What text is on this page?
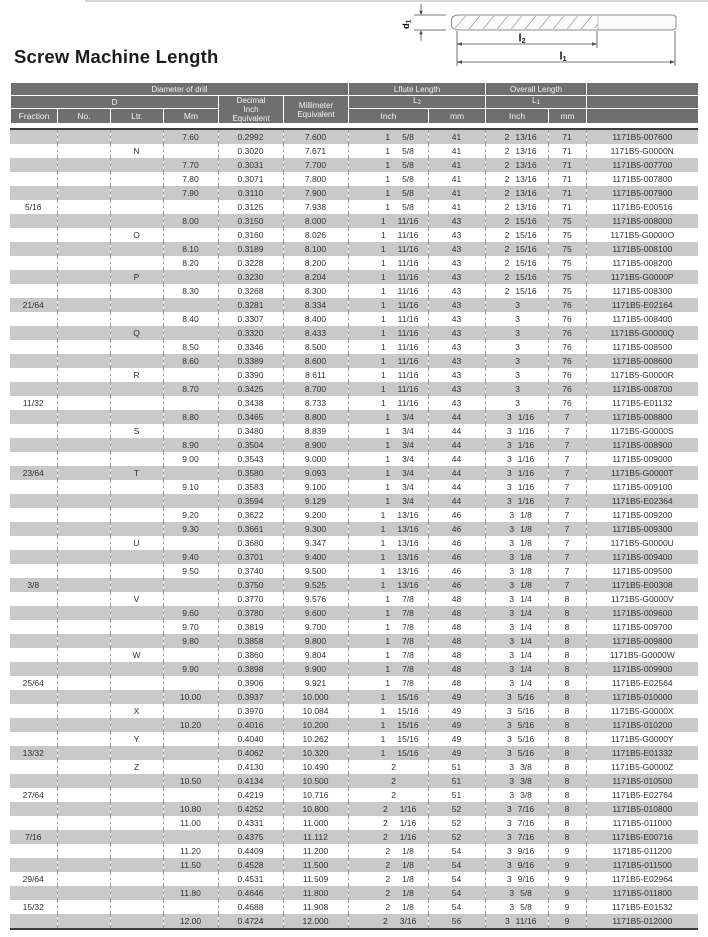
Screw Machine Length
d1
l2
l1
Diameter of drill						Lflute Length		Overall Length		
D				Decimal
Inch
Equivalent	Millimeter
Equivalent	$L_2$		$L_1$	
Fraction	No.	Ltr.	Mm			Inch	mm	Inch	mm	
			7.60	0.2992	7.600	1 5/8	41	2 13/16	71	1171B5-007600
		N		0.3020	7.671	1 5/8	41	2 13/16	71	1171B5-G0000N
			7.70	0.3031	7.700	1 5/8	41	2 13/16	71	1171B5-007700
			7.80	0.3071	7.800	1 5/8	41	2 13/16	71	1171B5-007800
			7.90	0.3110	7.900	1 5/8	41	2 13/16	71	1171B5-007900
5/16				0.3125	7.938	1 5/8	41	2 13/16	71	1171B5-E00516
			8.00	0.3150	8.000	1 11/16	43	2 15/16	75	1171B5-008000
		O		0.3160	8.026	1 11/16	43	2 15/16	75	1171B5-G0000O
			8.10	0.3189	8.100	1 11/16	43	2 15/16	75	1171B5-008100
			8.20	0.3228	8.200	1 11/16	43	2 15/16	75	1171B5-008200
		P		0.3230	8.204	1 11/16	43	2 15/16	75	1171B5-G0000P
			8.30	0.3268	8.300	1 11/16	43	2 15/16	75	1171B5-008300
21/64				0.3281	8.334	1 11/16	43	3	76	1171B5-E02164
			8.40	0.3307	8.400	1 11/16	43	3	76	1171B5-008400
		Q		0.3320	8.433	1 11/16	43	3	76	1171B5-G0000Q
			8.50	0.3346	8.500	1 11/16	43	3	76	1171B5-008500
			8.60	0.3389	8.600	1 11/16	43	3	76	1171B5-008600
		R		0.3390	8.611	1 11/16	43	3	76	1171B5-G0000R
			8.70	0.3425	8.700	1 11/16	43	3	76	1171B5-008700
11/32				0.3438	8.733	1 11/16	43	3	76	1171B5-E01132
			8.80	0.3465	8.800	1 3/4	44	3 1/16	7	1171B5-008800
		S		0.3480	8.839	1 3/4	44	3 1/16	7	1171B5-G0000S
			8.90	0.3504	8.900	1 3/4	44	3 1/16	7	1171B5-008900
			9.00	0.3543	9.000	1 3/4	44	3 1/16	7	1171B5-009000
23/64		T		0.3580	9.093	1 3/4	44	3 1/16	7	1171B5-G0000T
			9.10	0.3583	9.100	1 3/4	44	3 1/16	7	1171B5-009100
				0.3594	9.129	1 3/4	44	3 1/16	7	1171B5-E02364
			9.20	0.3622	9.200	1 13/16	46	3 1/8	7	1171B5-009200
			9.30	0.3661	9.300	1 13/16	46	3 1/8	7	1171B5-009300
		U		0.3680	9.347	1 13/16	46	3 1/8	7	1171B5-G0000U
			9.40	0.3701	9.400	1 13/16	46	3 1/8	7	1171B5-009400
			9.50	0.3740	9.500	1 13/16	46	3 1/8	7	1171B5-009500
3/8				0.3750	9.525	1 13/16	46	3 1/8	7	1171B5-E00308
		V		0.3770	9.576	1 7/8	48	3 1/4	8	1171B5-G0000V
			9.60	0.3780	9.600	1 7/8	48	3 1/4	8	1171B5-009600
			9.70	0.3819	9.700	1 7/8	48	3 1/4	8	1171B5-009700
			9.80	0.3858	9.800	1 7/8	48	3 1/4	8	1171B5-009800
		W		0.3860	9.804	1 7/8	48	3 1/4	8	1171B5-G0000W
			9.90	0.3898	9.900	1 7/8	48	3 1/4	8	1171B5-009900
25/64				0.3906	9.921	1 7/8	48	3 1/4	8	1171B5-E02564
			10.00	0.3937	10.000	1 15/16	49	3 5/16	8	1171B5-010000
		X		0.3970	10.084	1 15/16	49	3 5/16	8	1171B5-G0000X
			10.20	0.4016	10.200	1 15/16	49	3 5/16	8	1171B5-010200
		Y		0.4040	10.262	1 15/16	49	3 5/16	8	1171B5-G0000Y
13/32				0.4062	10.320	1 15/16	49	3 5/16	8	1171B5-E01332
		Z		0.4130	10.490	2	51	3 3/8	8	1171B5-G0000Z
			10.50	0.4134	10.500	2	51	3 3/8	8	1171B5-010500
27/64				0.4219	10.716	2	51	3 3/8	8	1171B5-E02764
			10.80	0.4252	10.800	2 1/16	52	3 7/16	8	1171B5-010800
			11.00	0.4331	11.000	2 1/16	52	3 7/16	8	1171B5-011000
7/16				0.4375	11.112	2 1/16	52	3 7/16	8	1171B5-E00716
			11.20	0.4409	11.200	2 1/8	54	3 9/16	9	1171B5-011200
			11.50	0.4528	11.500	2 1/8	54	3 9/16	9	1171B5-011500
29/64				0.4531	11.509	2 1/8	54	3 9/16	9	1171B5-E02964
			11.80	0.4646	11.800	2 1/8	54	3 5/8	9	1171B5-011800
15/32				0.4688	11.908	2 1/8	54	3 5/8	9	1171B5-E01532
			12.00	0.4724	12.000	2 3/16	56	3 11/16	9	1171B5-012000
